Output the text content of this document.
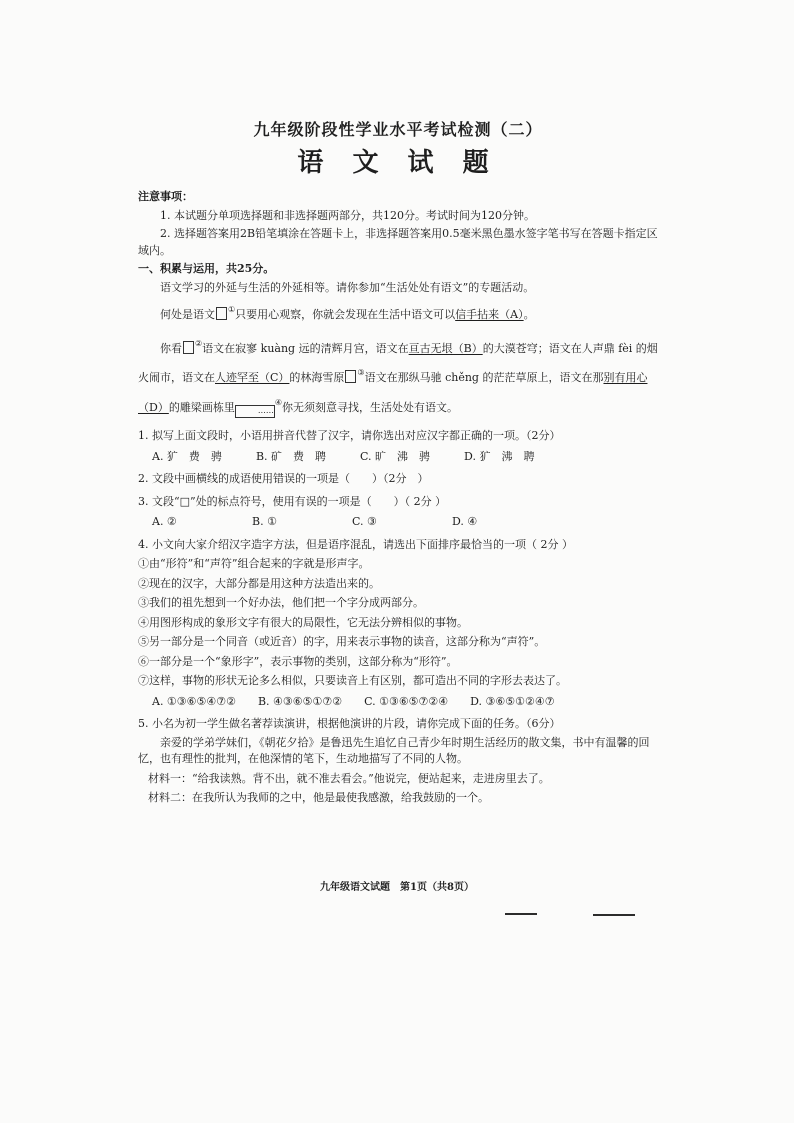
九年级阶段性学业水平考试检测（二）
语 文 试 题
注意事项：
1. 本试题分单项选择题和非选择题两部分，共120分。考试时间为120分钟。
2. 选择题答案用2B铅笔填涂在答题卡上，非选择题答案用0.5毫米黑色墨水签字笔书写在答题卡指定区域内。
一、积累与运用，共25分。
语文学习的外延与生活的外延相等。请你参加“生活处处有语文”的专题活动。
何处是语文 ①只要用心观察，你就会发现在生活中语文可以信手拈来（A）。
你看 ②语文在寂寥 kuàng 远的清辉月宫，语文在亘古无垠（B）的大漠苍穹；语文在人声鼎 fèi 的烟火闹市，语文在人迹罕至（C）的林海雪原 ③语文在那纵马驰 chěng 的茫茫草原上，语文在那别有用心（D）的雕梁画栋里	……④你无须刻意寻找，生活处处有语文。
1. 拟写上面文段时，小语用拼音代替了汉字，请你选出对应汉字都正确的一项。（2分）
A. 犷　费　骋	B. 矿　费　聘	C. 旷　沸　骋	D. 犷　沸　聘
2. 文段中画横线的成语使用错误的一项是（　　）（2分　）
3. 文段“□”处的标点符号，使用有误的一项是（　　）（ 2分 ）
A. ②	B. ①	C. ③	D. ④
4. 小文向大家介绍汉字造字方法，但是语序混乱，请选出下面排序最恰当的一项（ 2分 ）
①由“形符”和“声符”组合起来的字就是形声字。
②现在的汉字，大部分都是用这种方法造出来的。
③我们的祖先想到一个好办法，他们把一个字分成两部分。
④用图形构成的象形文字有很大的局限性，它无法分辨相似的事物。
⑤另一部分是一个同音（或近音）的字，用来表示事物的读音，这部分称为“声符”。
⑥一部分是一个“象形字”，表示事物的类别，这部分称为“形符”。
⑦这样，事物的形状无论多么相似，只要读音上有区别，都可造出不同的字形去表达了。
A. ①③⑥⑤④⑦② B. ④③⑥⑤①⑦② C. ①③⑥⑤⑦②④ D. ③⑥⑤①②④⑦
5. 小名为初一学生做名著荐读演讲，根据他演讲的片段，请你完成下面的任务。（6分）
亲爱的学弟学妹们，《朝花夕拾》是鲁迅先生追忆自己青少年时期生活经历的散文集，书中有温馨的回忆，也有理性的批判，在他深情的笔下，生动地描写了不同的人物。
材料一：“给我读熟。背不出，就不准去看会。”他说完，便站起来，走进房里去了。
材料二：在我所认为我师的之中，他是最使我感激，给我鼓励的一个。
九年级语文试题　第1页（共8页）
